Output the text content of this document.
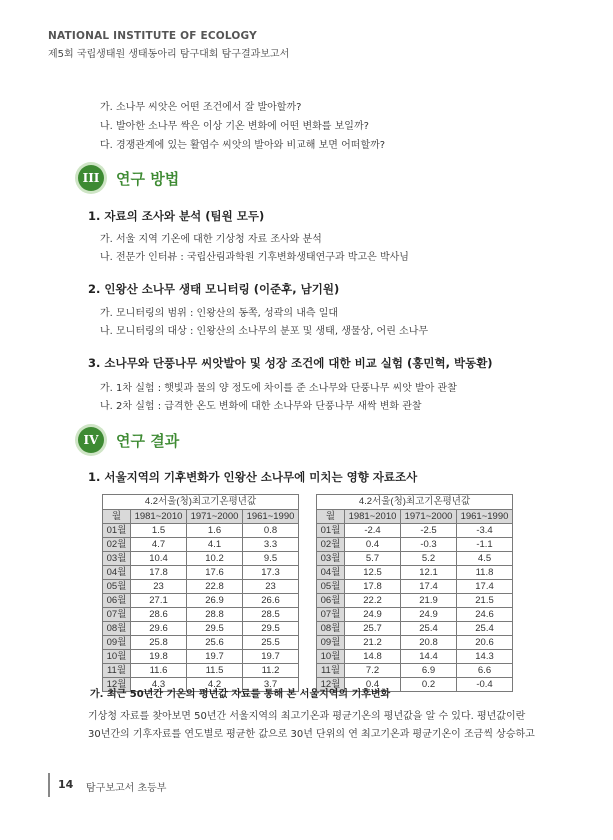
NATIONAL INSTITUTE OF ECOLOGY
제5회 국립생태원 생태동아리 탐구대회 탐구결과보고서
가. 소나무 씨앗은 어떤 조건에서 잘 발아할까?
나. 발아한 소나무 싹은 이상 기온 변화에 어떤 변화를 보일까?
다. 경쟁관계에 있는 활엽수 씨앗의 발아와 비교해 보면 어떠할까?
III	연구 방법
1. 자료의 조사와 분석 (팀원 모두)
가. 서울 지역 기온에 대한 기상청 자료 조사와 분석
나. 전문가 인터뷰 : 국립산림과학원 기후변화생태연구과 박고은 박사님
2. 인왕산 소나무 생태 모니터링 (이준후, 남기원)
가. 모니터링의 범위 : 인왕산의 동쪽, 성곽의 내측 일대
나. 모니터링의 대상 : 인왕산의 소나무의 분포 및 생태, 생물상, 어린 소나무
3. 소나무와 단풍나무 씨앗발아 및 성장 조건에 대한 비교 실험 (홍민혁, 박동환)
가. 1차 실험 : 햇빛과 물의 양 정도에 차이를 준 소나무와 단풍나무 씨앗 발아 관찰
나. 2차 실험 : 급격한 온도 변화에 대한 소나무와 단풍나무 새싹 변화 관찰
IV	연구 결과
1. 서울지역의 기후변화가 인왕산 소나무에 미치는 영향 자료조사
4.2서울(청)최고기온평년값			
월	1981~2010	1971~2000	1961~1990
01월	1.5	1.6	0.8
02월	4.7	4.1	3.3
03월	10.4	10.2	9.5
04월	17.8	17.6	17.3
05월	23	22.8	23
06월	27.1	26.9	26.6
07월	28.6	28.8	28.5
08월	29.6	29.5	29.5
09월	25.8	25.6	25.5
10월	19.8	19.7	19.7
11월	11.6	11.5	11.2
12월	4.3	4.2	3.7
4.2서울(청)최고기온평년값			
월	1981~2010	1971~2000	1961~1990
01월	-2.4	-2.5	-3.4
02월	0.4	-0.3	-1.1
03월	5.7	5.2	4.5
04월	12.5	12.1	11.8
05월	17.8	17.4	17.4
06월	22.2	21.9	21.5
07월	24.9	24.9	24.6
08월	25.7	25.4	25.4
09월	21.2	20.8	20.6
10월	14.8	14.4	14.3
11월	7.2	6.9	6.6
12월	0.4	0.2	-0.4
가. 최근 50년간 기온의 평년값 자료를 통해 본 서울지역의 기후변화
기상청 자료를 찾아보면 50년간 서울지역의 최고기온과 평균기온의 평년값을 알 수 있다. 평년값이란
30년간의 기후자료를 연도별로 평균한 값으로 30년 단위의 연 최고기온과 평균기온이 조금씩 상승하고
14 탐구보고서 초등부
